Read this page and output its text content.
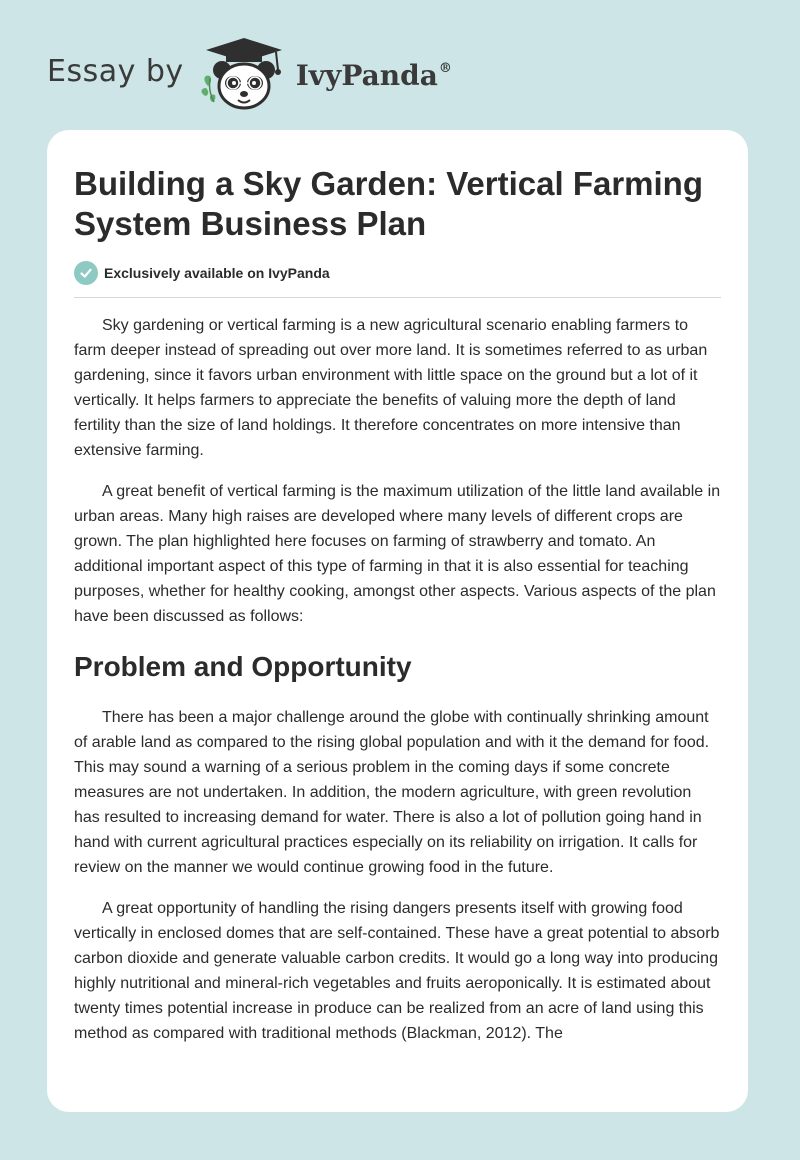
Essay by	IvyPanda®
Building a Sky Garden: Vertical Farming System Business Plan
Exclusively available on IvyPanda

Sky gardening or vertical farming is a new agricultural scenario enabling farmers to farm deeper instead of spreading out over more land. It is sometimes referred to as urban gardening, since it favors urban environment with little space on the ground but a lot of it vertically. It helps farmers to appreciate the benefits of valuing more the depth of land fertility than the size of land holdings. It therefore concentrates on more intensive than extensive farming.

A great benefit of vertical farming is the maximum utilization of the little land available in urban areas. Many high raises are developed where many levels of different crops are grown. The plan highlighted here focuses on farming of strawberry and tomato. An additional important aspect of this type of farming in that it is also essential for teaching purposes, whether for healthy cooking, amongst other aspects. Various aspects of the plan have been discussed as follows:

Problem and Opportunity

There has been a major challenge around the globe with continually shrinking amount of arable land as compared to the rising global population and with it the demand for food. This may sound a warning of a serious problem in the coming days if some concrete measures are not undertaken. In addition, the modern agriculture, with green revolution has resulted to increasing demand for water. There is also a lot of pollution going hand in hand with current agricultural practices especially on its reliability on irrigation. It calls for review on the manner we would continue growing food in the future.

A great opportunity of handling the rising dangers presents itself with growing food vertically in enclosed domes that are self-contained. These have a great potential to absorb carbon dioxide and generate valuable carbon credits. It would go a long way into producing highly nutritional and mineral-rich vegetables and fruits aeroponically. It is estimated about twenty times potential increase in produce can be realized from an acre of land using this method as compared with traditional methods (Blackman, 2012). The
